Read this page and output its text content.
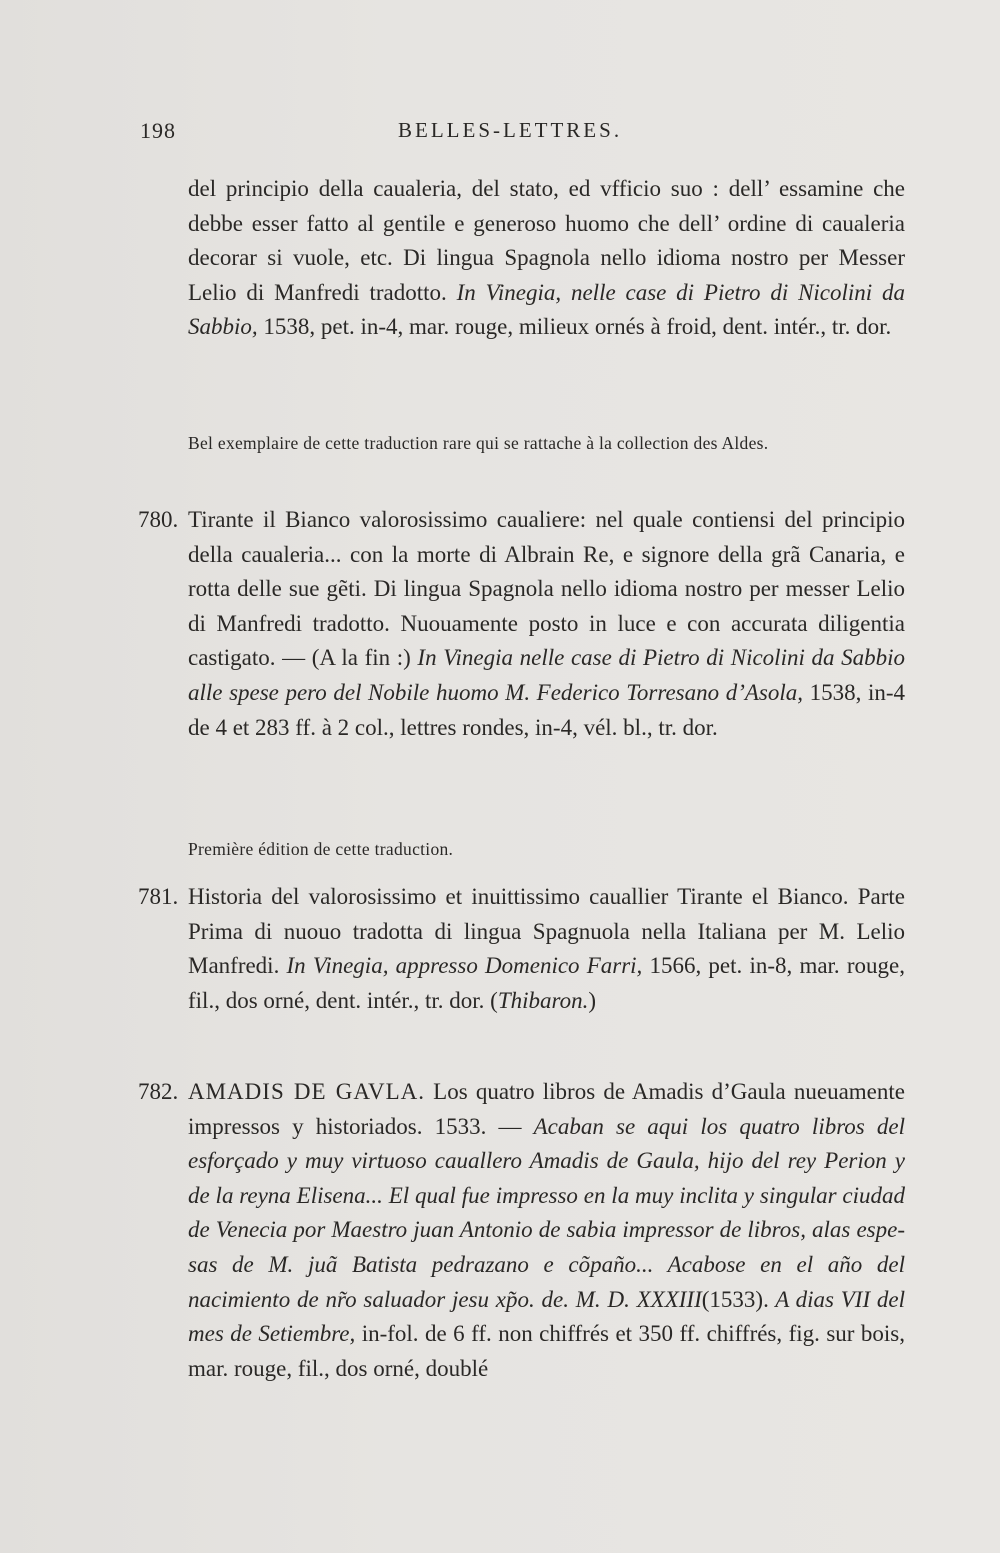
198	BELLES-LETTRES.
del principio della caualeria, del stato, ed vfficio suo : dell’ essamine che debbe esser fatto al gentile e generoso huomo che dell’ ordine di caualeria decorar si vuole, etc. Di lingua Spagnola nello idioma nostro per Messer Lelio di Manfredi tradotto. In Vinegia, nelle case di Pietro di Nicolini da Sabbio, 1538, pet. in-4, mar. rouge, milieux ornés à froid, dent. intér., tr. dor.
Bel exemplaire de cette traduction rare qui se rattache à la collection des Aldes.
780. Tirante il Bianco valorosissimo caualiere: nel quale contiensi del principio della caualeria... con la morte di Albrain Re, e signore della grã Canaria, e rotta delle sue gẽti. Di lingua Spagnola nello idioma nostro per messer Lelio di Manfredi tradotto. Nuouamente posto in luce e con accurata diligentia castigato. — (A la fin :) In Vinegia nelle case di Pietro di Nicolini da Sabbio alle spese pero del Nobile huomo M. Federico Torresano d’Asola, 1538, in-4 de 4 et 283 ff. à 2 col., lettres rondes, in-4, vél. bl., tr. dor.
Première édition de cette traduction.
781. Historia del valorosissimo et inuittissimo cauallier Tirante el Bianco. Parte Prima di nuouo tradotta di lingua Spagnuola nella Italiana per M. Lelio Manfredi. In Vinegia, appresso Domenico Farri, 1566, pet. in-8, mar. rouge, fil., dos orné, dent. intér., tr. dor. (Thibaron.)
782. AMADIS DE GAVLA. Los quatro libros de Amadis d’Gaula nueuamente impressos y historiados. 1533. — Acaban se aqui los quatro libros del esforçado y muy virtuoso cauallero Amadis de Gaula, hijo del rey Perion y de la reyna Elisena... El qual fue impresso en la muy inclita y singular ciudad de Venecia por Maestro juan Antonio de sabia impressor de libros, alas espesas de M. juã Batista pedrazano e cõpaño... Acabose en el año del nacimiento de nr̃o saluador jesu xp̃o. de. M. D. XXXIII(1533). A dias VII del mes de Setiembre, in-fol. de 6 ff. non chiffrés et 350 ff. chiffrés, fig. sur bois, mar. rouge, fil., dos orné, doublé
